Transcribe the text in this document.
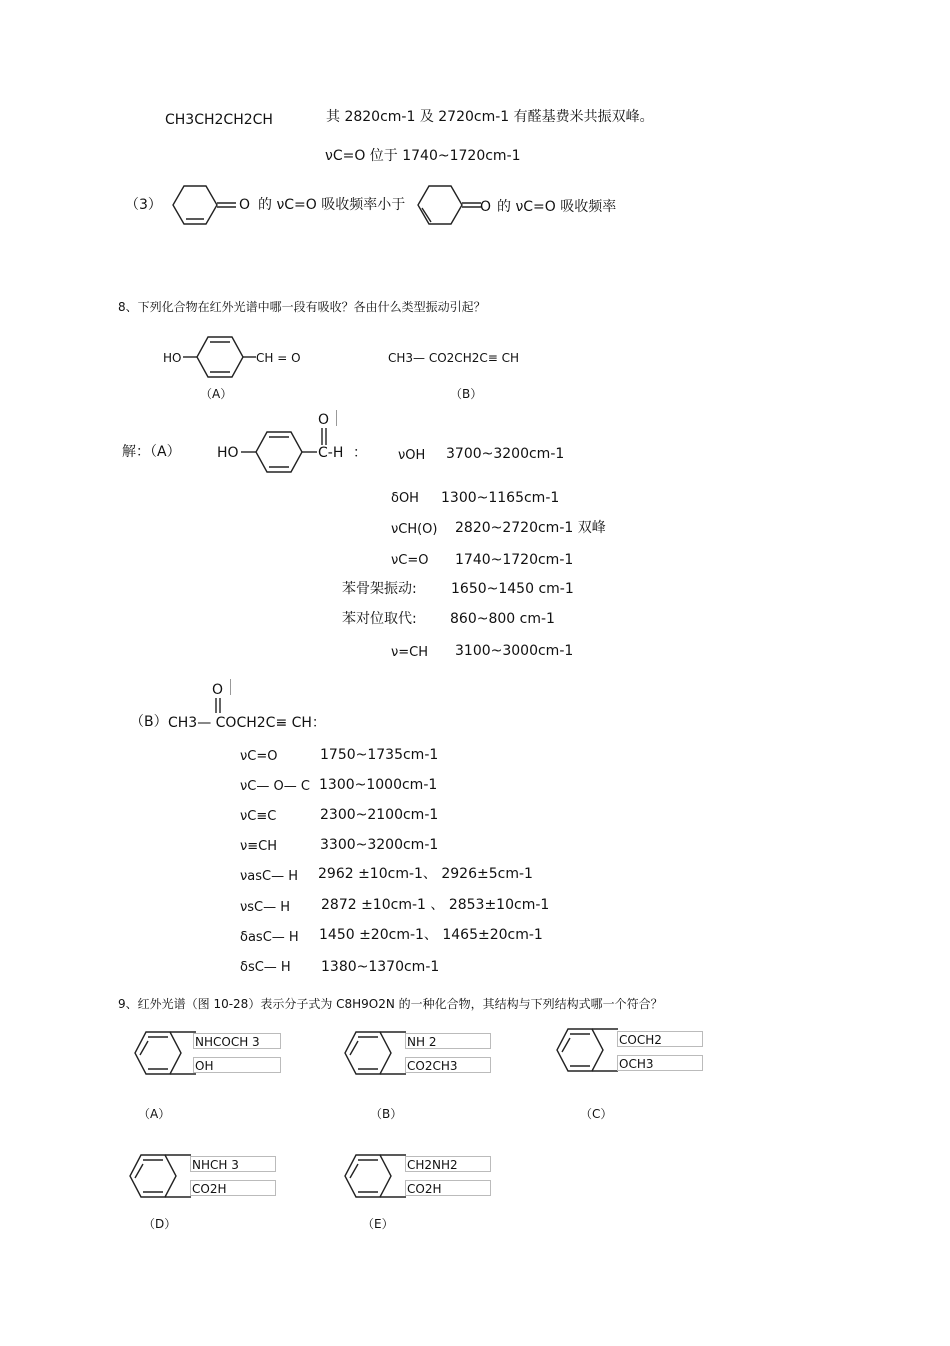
CH3CH2CH2CH	其 2820cm-1 及 2720cm-1 有醛基费米共振双峰。
νC=O 位于 1740~1720cm-1
（3）	O 的 νC=O 吸收频率小于	O 的 νC=O 吸收频率
8、下列化合物在红外光谱中哪一段有吸收？各由什么类型振动引起？
HO	CH = O
（A）
CH3— CO2CH2C≡ CH
（B）
解：（A）	HO
O
C-H ： νOH 3700~3200cm-1
δOH 1300~1165cm-1
νCH(O) 2820~2720cm-1 双峰
νC=O 1740~1720cm-1
苯骨架振动: 1650~1450 cm-1
苯对位取代: 860~800 cm-1
ν=CH 3100~3000cm-1
O
（B） CH3— COCH2C≡ CH：
νC=O	1750~1735cm-1
νC— O— C 1300~1000cm-1
νC≡C	2300~2100cm-1
ν≡CH	3300~3200cm-1
νasC— H 2962 ±10cm-1、 2926±5cm-1
νsC— H 2872 ±10cm-1 、 2853±10cm-1
δasC— H 1450 ±20cm-1、 1465±20cm-1
δsC— H 1380~1370cm-1
9、红外光谱（图 10-28）表示分子式为 C8H9O2N 的一种化合物，其结构与下列结构式哪一个符合？
NHCOCH 3
OH
（A）
NH 2
CO2CH3
（B）
COCH2
OCH3
（C）
NHCH 3
CO2H
（D）
CH2NH2
CO2H
（E）
